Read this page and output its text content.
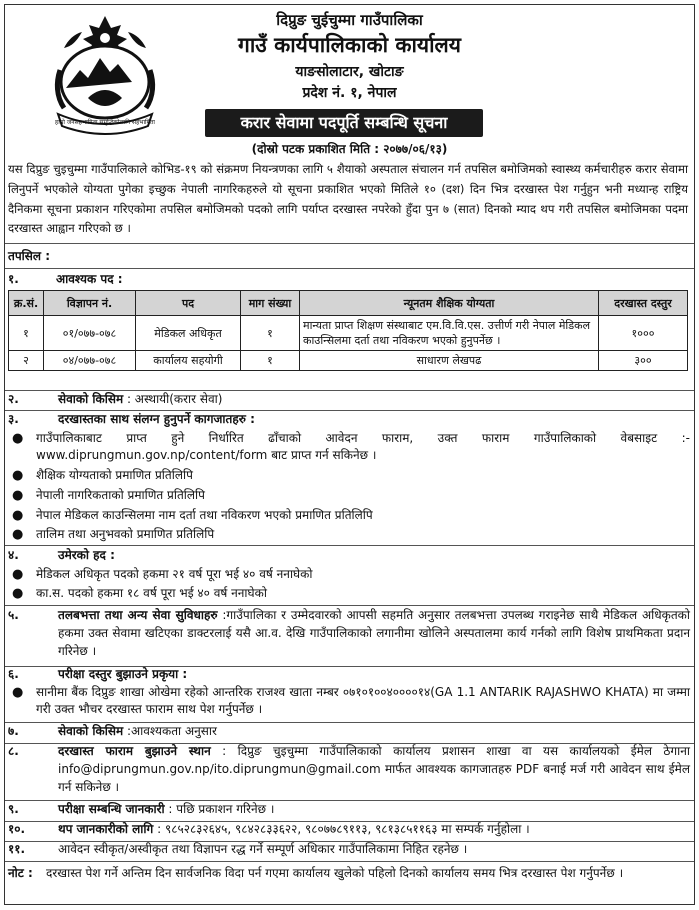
हाम्रो जनसहभागिता समृद्धिकोलागि सहभागिता
दिप्रुङ चुईचुम्मा गाउँपालिका
गाउँ कार्यपालिकाको कार्यालय
याङसोलाटार, खोटाङ
प्रदेश नं. १, नेपाल
करार सेवामा पदपूर्ति सम्बन्धि सूचना
(दोस्रो पटक प्रकाशित मिति : २०७७/०६/१३)
यस दिप्रुङ चुइचुम्मा गाउँपालिकाले कोभिड-१९ को संक्रमण नियन्त्रणका लागि ५ शैयाको अस्पताल संचालन गर्न तपसिल बमोजिमको स्वास्थ्य कर्मचारीहरु करार सेवामा लिनुपर्ने भएकोले योग्यता पुगेका इच्छुक नेपाली नागरिकहरुले यो सूचना प्रकाशित भएको मितिले १० (दश) दिन भित्र दरखास्त पेश गर्नुहुन भनी मध्यान्ह राष्ट्रिय दैनिकमा सूचना प्रकाशन गरिएकोमा तपसिल बमोजिमको पदको लागि पर्याप्त दरखास्त नपरेको हुँदा पुन ७ (सात) दिनको म्याद थप गरी तपसिल बमोजिमका पदमा दरखास्त आह्वान गरिएको छ ।
तपसिल :
१.	आवश्यक पद :
क्र.सं.	विज्ञापन नं.	पद	माग संख्या	न्यूनतम शैक्षिक योग्यता	दरखास्त दस्तुर
१	०१/०७७-०७८	मेडिकल अधिकृत	१	मान्यता प्राप्त शिक्षण संस्थाबाट एम.वि.वि.एस. उत्तीर्ण गरी नेपाल मेडिकल काउन्सिलमा दर्ता तथा नविकरण भएको हुनुपर्नेछ ।	१०००
२	०४/०७७-०७८	कार्यालय सहयोगी	१	साधारण लेखपढ	३००
२.	सेवाको किसिम : अस्थायी(करार सेवा)
३.	दरखास्तका साथ संलग्न हुनुपर्ने कागजातहरु :
● गाउँपालिकाबाट प्राप्त हुने निर्धारित ढाँचाको आवेदन फाराम, उक्त फाराम गाउँपालिकाको वेबसाइट :- www.diprungmun.gov.np/content/form बाट प्राप्त गर्न सकिनेछ ।
● शैक्षिक योग्यताको प्रमाणित प्रतिलिपि
● नेपाली नागरिकताको प्रमाणित प्रतिलिपि
● नेपाल मेडिकल काउन्सिलमा नाम दर्ता तथा नविकरण भएको प्रमाणित प्रतिलिपि
● तालिम तथा अनुभवको प्रमाणित प्रतिलिपि
४.	उमेरको हद :
● मेडिकल अधिकृत पदको हकमा २१ वर्ष पूरा भई ४० वर्ष ननाघेको
● का.स. पदको हकमा १८ वर्ष पूरा भई ४० वर्ष ननाघेको
५.	तलबभत्ता तथा अन्य सेवा सुविधाहरु :गाउँपालिका र उम्मेदवारको आपसी सहमति अनुसार तलबभत्ता उपलब्ध गराइनेछ साथै मेडिकल अधिकृतको हकमा उक्त सेवामा खटिएका डाक्टरलाई यसै आ.व. देखि गाउँपालिकाको लगानीमा खोलिने अस्पतालमा कार्य गर्नको लागि विशेष प्राथमिकता प्रदान गरिनेछ ।
६.	परीक्षा दस्तुर बुझाउने प्रकृया :
● सानीमा बैंक दिप्रुङ शाखा ओखेमा रहेको आन्तरिक राजश्व खाता नम्बर ०७१०१००४००००१४(GA 1.1 ANTARIK RAJASHWO KHATA) मा जम्मा गरी उक्त भौचर दरखास्त फाराम साथ पेश गर्नुपर्नेछ ।
७.	सेवाको किसिम :आवश्यकता अनुसार
८.	दरखास्त फाराम बुझाउने स्थान : दिप्रुङ चुइचुम्मा गाउँपालिकाको कार्यालय प्रशासन शाखा वा यस कार्यालयको ईमेल ठेगाना info@diprungmun.gov.np/ito.diprungmun@gmail.com मार्फत आवश्यक कागजातहरु PDF बनाई मर्ज गरी आवेदन साथ ईमेल गर्न सकिनेछ ।
९.	परीक्षा सम्बन्धि जानकारी : पछि प्रकाशन गरिनेछ ।
१०.	थप जानकारीको लागि : ९८५२८३२६४५, ९८४२८३३६२२, ९८०७७८९११३, ९८१३८५११६३ मा सम्पर्क गर्नुहोला ।
११.	आवेदन स्वीकृत/अस्वीकृत तथा विज्ञापन रद्ध गर्ने सम्पूर्ण अधिकार गाउँपालिकामा निहित रहनेछ ।
नोट : दरखास्त पेश गर्ने अन्तिम दिन सार्वजनिक विदा पर्न गएमा कार्यालय खुलेको पहिलो दिनको कार्यालय समय भित्र दरखास्त पेश गर्नुपर्नेछ ।
